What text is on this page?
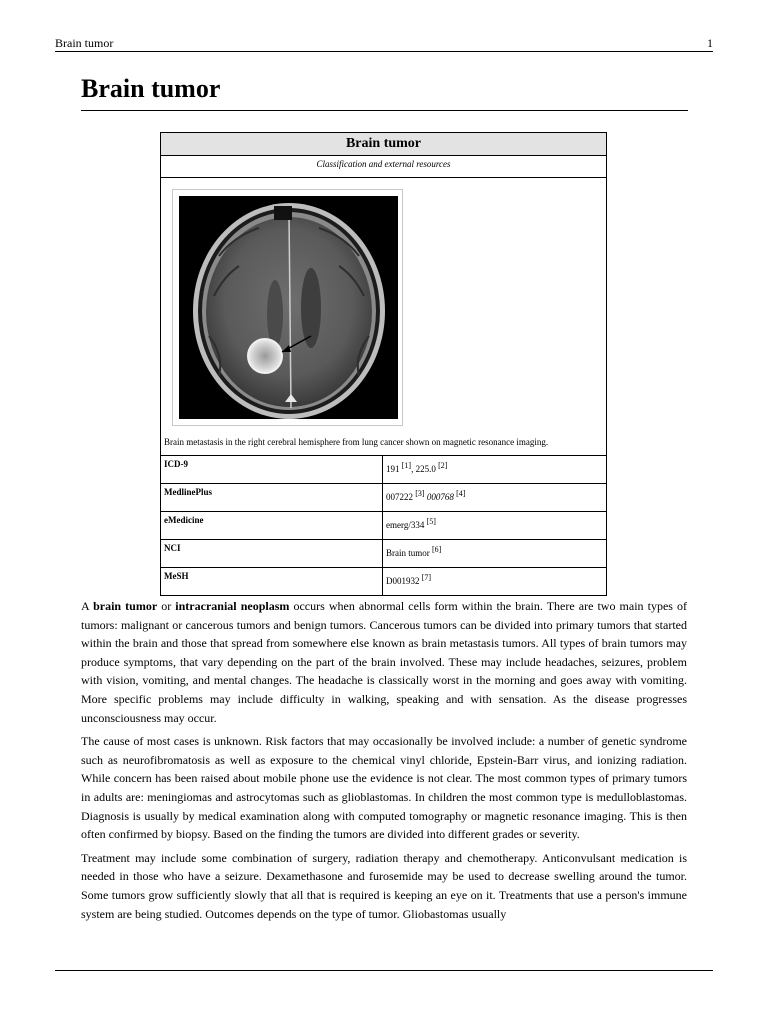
Brain tumor	1
Brain tumor
Brain tumor
Classification and external resources
Brain metastasis in the right cerebral hemisphere from lung cancer shown on magnetic resonance imaging.
ICD-9	191 [1], 225.0 [2]
MedlinePlus	007222 [3] 000768 [4]
eMedicine	emerg/334 [5]
NCI	Brain tumor [6]
MeSH	D001932 [7]

A brain tumor or intracranial neoplasm occurs when abnormal cells form within the brain. There are two main types of tumors: malignant or cancerous tumors and benign tumors. Cancerous tumors can be divided into primary tumors that started within the brain and those that spread from somewhere else known as brain metastasis tumors. All types of brain tumors may produce symptoms, that vary depending on the part of the brain involved. These may include headaches, seizures, problem with vision, vomiting, and mental changes. The headache is classically worst in the morning and goes away with vomiting. More specific problems may include difficulty in walking, speaking and with sensation. As the disease progresses unconsciousness may occur.

The cause of most cases is unknown. Risk factors that may occasionally be involved include: a number of genetic syndrome such as neurofibromatosis as well as exposure to the chemical vinyl chloride, Epstein-Barr virus, and ionizing radiation. While concern has been raised about mobile phone use the evidence is not clear. The most common types of primary tumors in adults are: meningiomas and astrocytomas such as glioblastomas. In children the most common type is medulloblastomas. Diagnosis is usually by medical examination along with computed tomography or magnetic resonance imaging. This is then often confirmed by biopsy. Based on the finding the tumors are divided into different grades or severity.

Treatment may include some combination of surgery, radiation therapy and chemotherapy. Anticonvulsant medication is needed in those who have a seizure. Dexamethasone and furosemide may be used to decrease swelling around the tumor. Some tumors grow sufficiently slowly that all that is required is keeping an eye on it. Treatments that use a person's immune system are being studied. Outcomes depends on the type of tumor. Gliobastomas usually
